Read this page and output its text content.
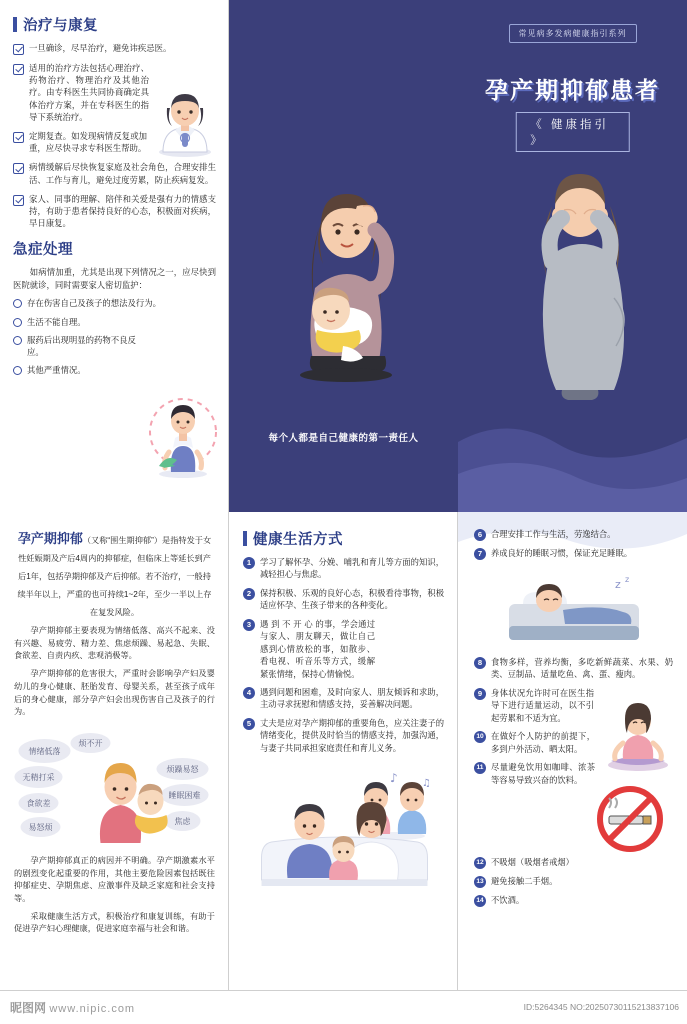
治疗与康复
一旦确诊，尽早治疗，避免讳疾忌医。
适用的治疗方法包括心理治疗、药物治疗、物理治疗及其他治疗。由专科医生共同协商确定具体治疗方案，并在专科医生的指导下系统治疗。
定期复查。如发现病情反复或加重，应尽快寻求专科医生帮助。
病情缓解后尽快恢复家庭及社会角色，合理安排生活、工作与育儿，避免过度劳累，防止疾病复发。
家人、同事的理解、陪伴和关爱是强有力的情感支持，有助于患者保持良好的心态，积极面对疾病，早日康复。
急症处理
如病情加重，尤其是出现下列情况之一，应尽快到医院就诊，同时需要家人密切监护：
存在伤害自己及孩子的想法及行为。
生活不能自理。
服药后出现明显的药物不良反应。
其他严重情况。
每个人都是自己健康的第一责任人
常见病多发病健康指引系列
孕产期抑郁患者
《 健康指引 》
孕产期抑郁（又称“围生期抑郁”）是指特发于女性妊娠期及产后4周内的抑郁症，但临床上等延长到产后1年，包括孕期抑郁及产后抑郁。若不治疗，一般持续半年以上，严重的也可持续1~2年，至少一半以上存在复发风险。
孕产期抑郁主要表现为情绪低落、高兴不起来、没有兴趣、易疲劳、精力差、焦虑烦躁、易起急、失眠、食欲差、自责内疚、悲观消极等。
孕产期抑郁的危害很大，严重时会影响孕产妇及婴幼儿的身心健康、胚胎发育、母婴关系，甚至孩子成年后的身心健康，部分孕产妇会出现伤害自己及孩子的行为。
情绪低落
无精打采
食欲差
易怒烦
烦不开
烦躁易怒
睡眠困难
焦虑
孕产期抑郁真正的病因并不明确。孕产期激素水平的剧烈变化起重要的作用，其他主要危险因素包括既往抑郁症史、孕期焦虑、应激事件及缺乏家庭和社会支持等。
采取健康生活方式，积极治疗和康复训练，有助于促进孕产妇心理健康，促进家庭幸福与社会和谐。
健康生活方式
1	学习了解怀孕、分娩、哺乳和育儿等方面的知识，减轻担心与焦虑。
2	保持积极、乐观的良好心态，积极看待事物，积极适应怀孕、生孩子带来的各种变化。
♪ ♫
3	遇 到 不 开 心 的事，学会通过与家人、朋友聊天，做让自己感到心情放松的事，如散步、看电视、听音乐等方式，缓解紧张情绪，保持心情愉悦。
4	遇到问题和困难，及时向家人、朋友倾诉和求助，主动寻求抚慰和情感支持，妥善解决问题。
5	丈夫是应对孕产期抑郁的重要角色，应关注妻子的情绪变化，提供及时恰当的情感支持，加强沟通，与妻子共同承担家庭责任和育儿义务。
6	合理安排工作与生活，劳逸结合。
7	养成良好的睡眠习惯，保证充足睡眠。
z z
8	食物多样，营养均衡，多吃新鲜蔬菜、水果、奶类、豆制品、适量吃鱼、禽、蛋、瘦肉。
9	身体状况允许时可在医生指导下进行适量运动，以不引起劳累和不适为宜。
10 在做好个人防护的前提下，多到户外活动、晒太阳。
11 尽量避免饮用如咖啡、浓茶等容易导致兴奋的饮料。
12 不吸烟（吸烟者戒烟）
13 避免接触二手烟。
14 不饮酒。
昵图网 www.nipic.com	ID:5264345 NO:20250730115213837106
